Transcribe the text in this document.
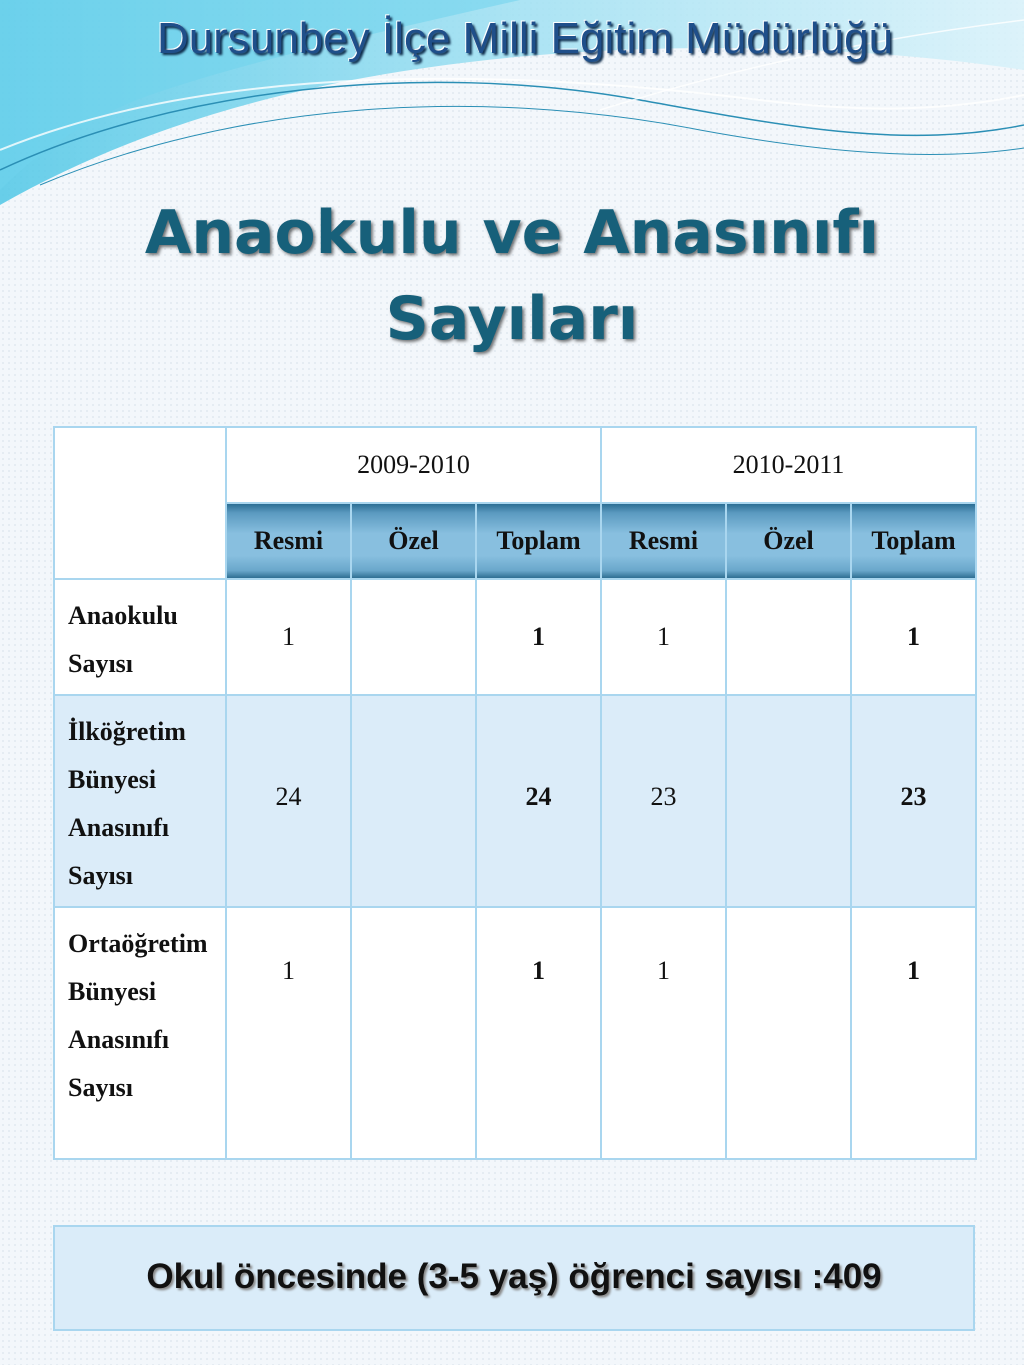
Dursunbey İlçe Milli Eğitim Müdürlüğü
Anaokulu ve Anasınıfı
Sayıları
	2009-2010			2010-2011		
	Resmi	Özel	Toplam	Resmi	Özel	Toplam

Anaokulu
Sayısı	1		1	1		1

İlköğretim
Bünyesi
Anasınıfı
Sayısı	24		24	23		23

Ortaöğretim
Bünyesi
Anasınıfı
Sayısı	1		1	1		1
Okul öncesinde (3-5 yaş) öğrenci sayısı :409
